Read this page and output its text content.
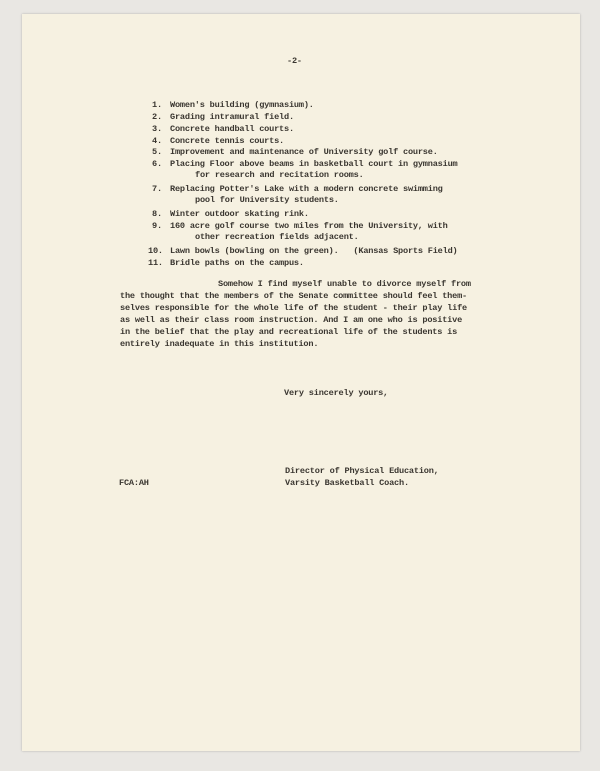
-2-
1. Women's building (gymnasium).
2. Grading intramural field.
3. Concrete handball courts.
4. Concrete tennis courts.
5. Improvement and maintenance of University golf course.
6. Placing Floor above beams in basketball court in gymnasium
for research and recitation rooms.
7. Replacing Potter's Lake with a modern concrete swimming
pool for University students.
8. Winter outdoor skating rink.
9. 160 acre golf course two miles from the University, with
other recreation fields adjacent.
10. Lawn bowls (bowling on the green).   (Kansas Sports Field)
11. Bridle paths on the campus.
Somehow I find myself unable to divorce myself from
the thought that the members of the Senate committee should feel them-
selves responsible for the whole life of the student - their play life
as well as their class room instruction. And I am one who is positive
in the belief that the play and recreational life of the students is
entirely inadequate in this institution.
Very sincerely yours,
Director of Physical Education,
Varsity Basketball Coach.
FCA:AH
